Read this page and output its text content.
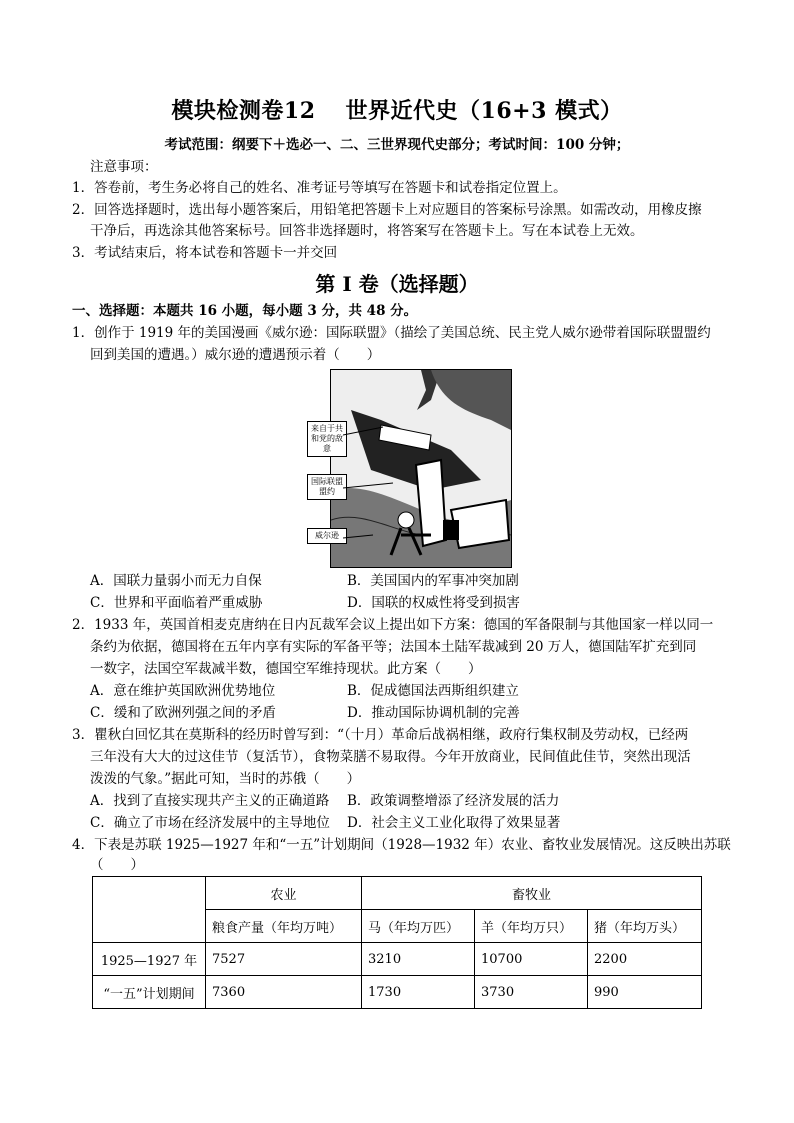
模块检测卷12 世界近代史（16+3 模式）
考试范围：纲要下＋选必一、二、三世界现代史部分；考试时间：100 分钟；
注意事项：
1．答卷前，考生务必将自己的姓名、准考证号等填写在答题卡和试卷指定位置上。
2．回答选择题时，选出每小题答案后，用铅笔把答题卡上对应题目的答案标号涂黑。如需改动，用橡皮擦
干净后，再选涂其他答案标号。回答非选择题时，将答案写在答题卡上。写在本试卷上无效。
3．考试结束后，将本试卷和答题卡一并交回
第 I 卷（选择题）
一、选择题：本题共 16 小题，每小题 3 分，共 48 分。
1．创作于 1919 年的美国漫画《威尔逊：国际联盟》（描绘了美国总统、民主党人威尔逊带着国际联盟盟约
回到美国的遭遇。）威尔逊的遭遇预示着（　　）
来自于共和党的敌意
国际联盟盟约
威尔逊
A．国联力量弱小而无力自保	B．美国国内的军事冲突加剧
C．世界和平面临着严重威胁	D．国联的权威性将受到损害
2．1933 年，英国首相麦克唐纳在日内瓦裁军会议上提出如下方案：德国的军备限制与其他国家一样以同一
条约为依据，德国将在五年内享有实际的军备平等；法国本土陆军裁减到 20 万人，德国陆军扩充到同
一数字，法国空军裁减半数，德国空军维持现状。此方案（　　）
A．意在维护英国欧洲优势地位	B．促成德国法西斯组织建立
C．缓和了欧洲列强之间的矛盾	D．推动国际协调机制的完善
3．瞿秋白回忆其在莫斯科的经历时曾写到：“（十月）革命后战祸相继，政府行集权制及劳动权，已经两
三年没有大大的过这佳节（复活节），食物菜膳不易取得。今年开放商业，民间值此佳节，突然出现活
泼泼的气象。”据此可知，当时的苏俄（　　）
A．找到了直接实现共产主义的正确道路 B．政策调整增添了经济发展的活力
C．确立了市场在经济发展中的主导地位 D．社会主义工业化取得了效果显著
4．下表是苏联 1925—1927 年和“一五”计划期间（1928—1932 年）农业、畜牧业发展情况。这反映出苏联
（　　）
	农业	畜牧业		
	粮食产量（年均万吨）	马（年均万匹）	羊（年均万只）	猪（年均万头）
1925—1927 年	7527	3210	10700	2200
“一五”计划期间	7360	1730	3730	990
